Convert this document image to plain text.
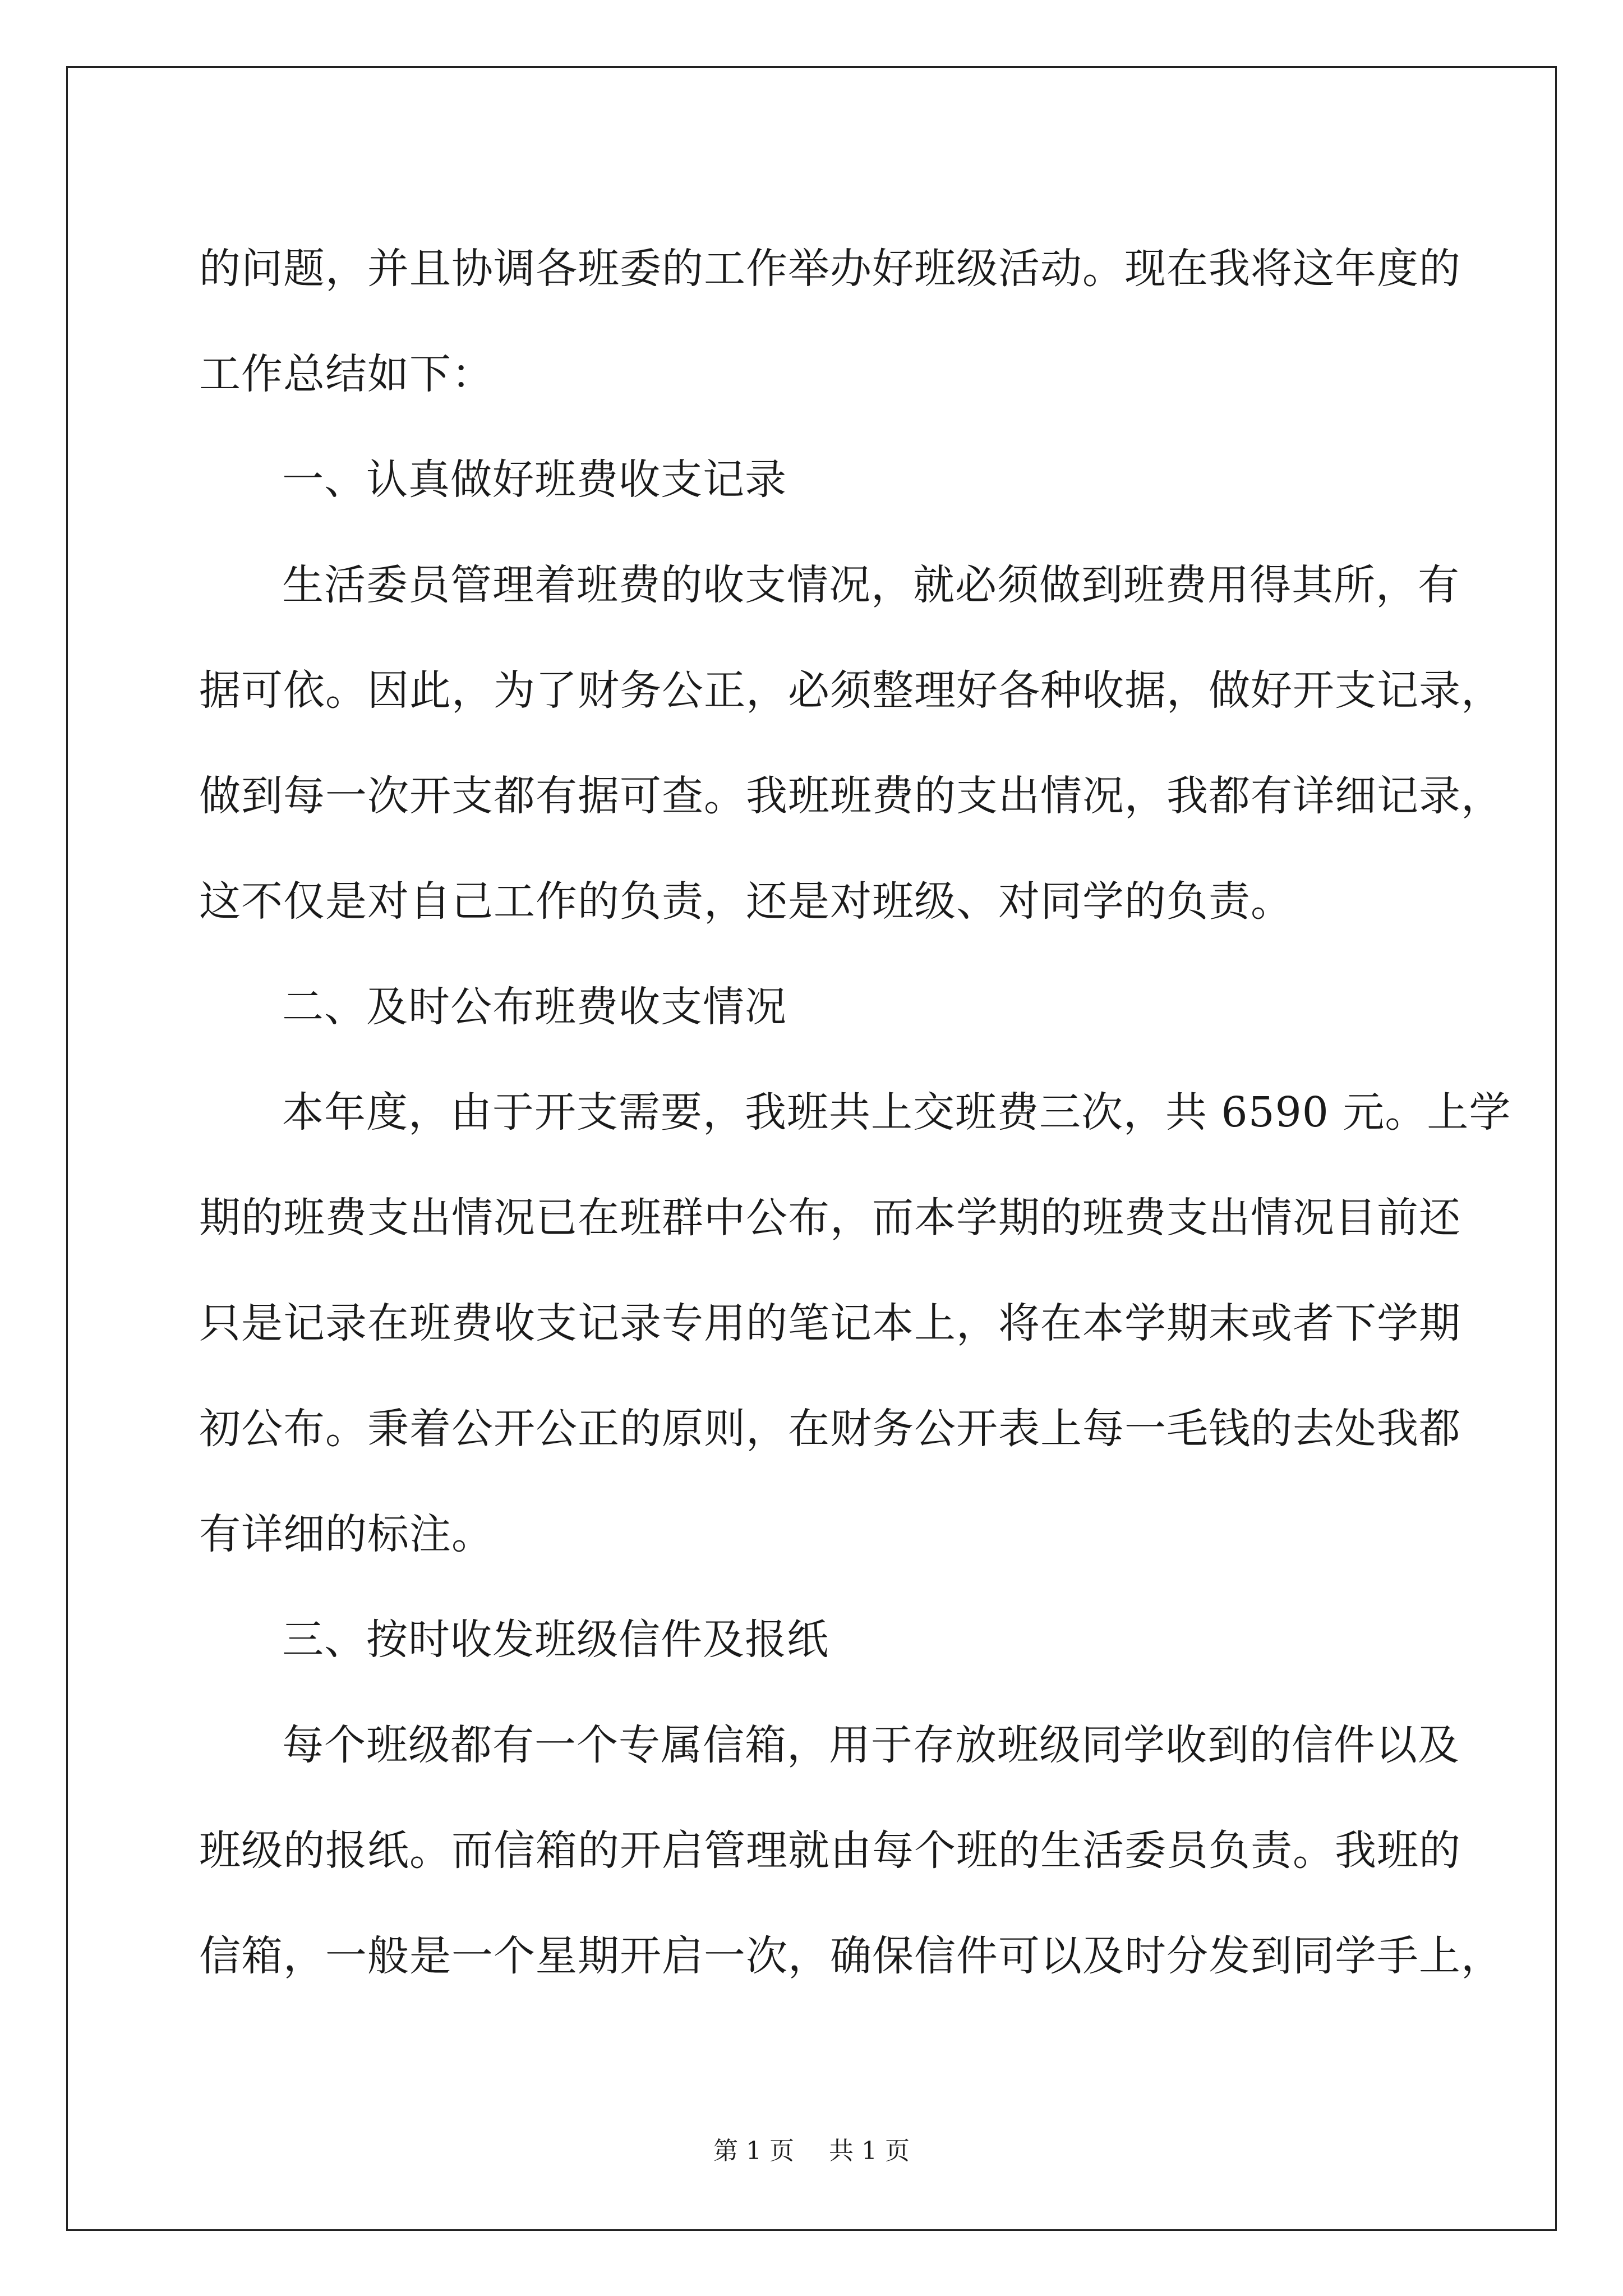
的问题，并且协调各班委的工作举办好班级活动。现在我将这年度的
工作总结如下：
一、认真做好班费收支记录
生活委员管理着班费的收支情况，就必须做到班费用得其所，有
据可依。因此，为了财务公正，必须整理好各种收据，做好开支记录，
做到每一次开支都有据可查。我班班费的支出情况，我都有详细记录，
这不仅是对自己工作的负责，还是对班级、对同学的负责。
二、及时公布班费收支情况
本年度，由于开支需要，我班共上交班费三次，共 6590 元。上学
期的班费支出情况已在班群中公布，而本学期的班费支出情况目前还
只是记录在班费收支记录专用的笔记本上，将在本学期末或者下学期
初公布。秉着公开公正的原则，在财务公开表上每一毛钱的去处我都
有详细的标注。
三、按时收发班级信件及报纸
每个班级都有一个专属信箱，用于存放班级同学收到的信件以及
班级的报纸。而信箱的开启管理就由每个班的生活委员负责。我班的
信箱，一般是一个星期开启一次，确保信件可以及时分发到同学手上，
第 1 页 共 1 页
